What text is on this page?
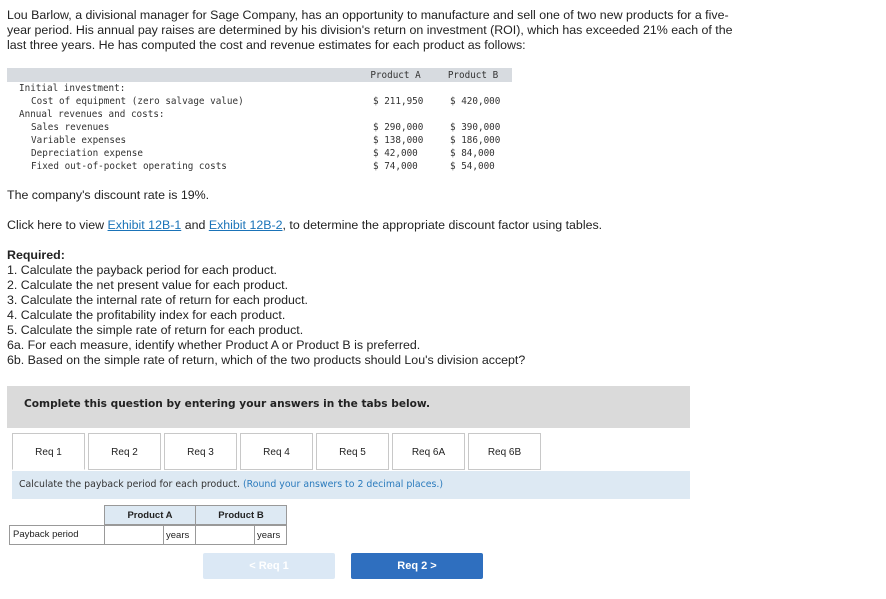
Lou Barlow, a divisional manager for Sage Company, has an opportunity to manufacture and sell one of two new products for a five-year period. His annual pay raises are determined by his division's return on investment (ROI), which has exceeded 21% each of the last three years. He has computed the cost and revenue estimates for each product as follows:
Product A	Product B
Initial investment:
Cost of equipment (zero salvage value)	$ 211,950	$ 420,000
Annual revenues and costs:
Sales revenues	$ 290,000	$ 390,000
Variable expenses	$ 138,000	$ 186,000
Depreciation expense	$ 42,000	$ 84,000
Fixed out-of-pocket operating costs	$ 74,000	$ 54,000
The company's discount rate is 19%.
Click here to view Exhibit 12B-1 and Exhibit 12B-2, to determine the appropriate discount factor using tables.
Required:
1. Calculate the payback period for each product.
2. Calculate the net present value for each product.
3. Calculate the internal rate of return for each product.
4. Calculate the profitability index for each product.
5. Calculate the simple rate of return for each product.
6a. For each measure, identify whether Product A or Product B is preferred.
6b. Based on the simple rate of return, which of the two products should Lou's division accept?
Complete this question by entering your answers in the tabs below.
Req 1	Req 2	Req 3	Req 4	Req 5	Req 6A	Req 6B
Calculate the payback period for each product. (Round your answers to 2 decimal places.)
Product A	Product B
Payback period	years	years
< Req 1	Req 2 >
